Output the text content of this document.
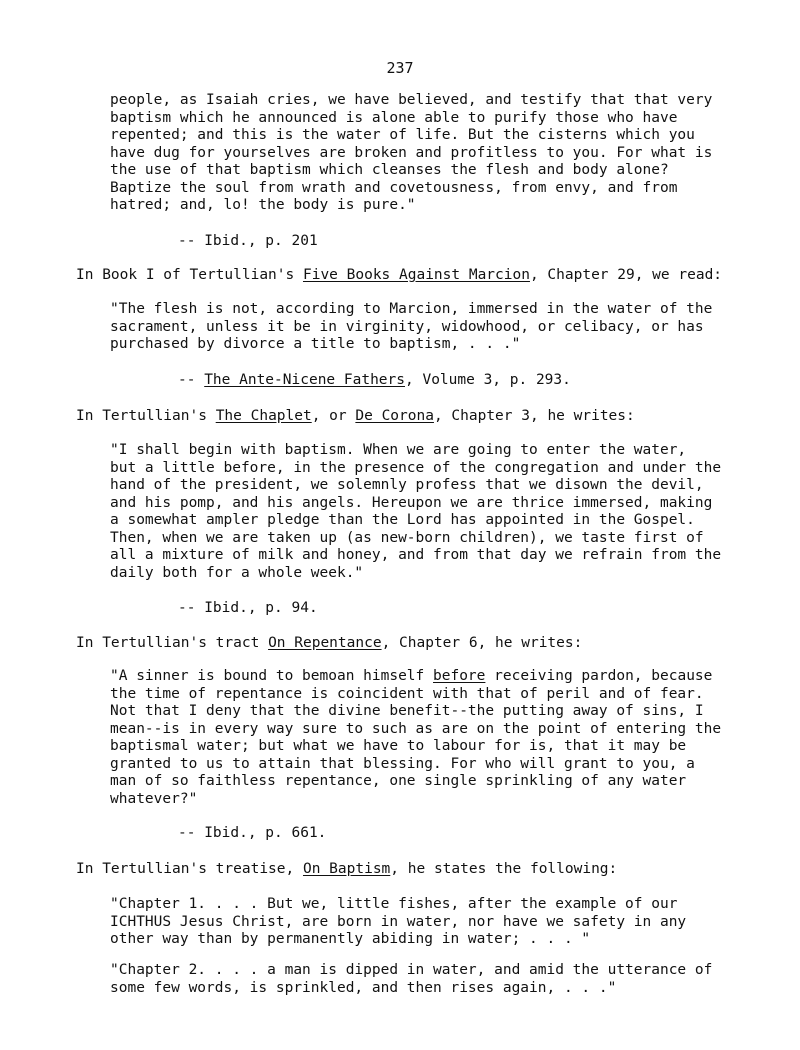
237

people, as Isaiah cries, we have believed, and testify that that very

baptism which he announced is alone able to purify those who have

repented; and this is the water of life. But the cisterns which you

have dug for yourselves are broken and profitless to you. For what is

the use of that baptism which cleanses the flesh and body alone?

Baptize the soul from wrath and covetousness, from envy, and from

hatred; and, lo! the body is pure."

-- Ibid., p. 201

In Book I of Tertullian's Five Books Against Marcion, Chapter 29, we read:

"The flesh is not, according to Marcion, immersed in the water of the

sacrament, unless it be in virginity, widowhood, or celibacy, or has

purchased by divorce a title to baptism, . . ."

-- The Ante-Nicene Fathers, Volume 3, p. 293.

In Tertullian's The Chaplet, or De Corona, Chapter 3, he writes:

"I shall begin with baptism. When we are going to enter the water,

but a little before, in the presence of the congregation and under the

hand of the president, we solemnly profess that we disown the devil,

and his pomp, and his angels. Hereupon we are thrice immersed, making

a somewhat ampler pledge than the Lord has appointed in the Gospel.

Then, when we are taken up (as new-born children), we taste first of

all a mixture of milk and honey, and from that day we refrain from the

daily both for a whole week."

-- Ibid., p. 94.

In Tertullian's tract On Repentance, Chapter 6, he writes:

"A sinner is bound to bemoan himself before receiving pardon, because

the time of repentance is coincident with that of peril and of fear.

Not that I deny that the divine benefit--the putting away of sins, I

mean--is in every way sure to such as are on the point of entering the

baptismal water; but what we have to labour for is, that it may be

granted to us to attain that blessing. For who will grant to you, a

man of so faithless repentance, one single sprinkling of any water

whatever?"

-- Ibid., p. 661.

In Tertullian's treatise, On Baptism, he states the following:

"Chapter 1. . . . But we, little fishes, after the example of our

ICHTHUS Jesus Christ, are born in water, nor have we safety in any

other way than by permanently abiding in water; . . . "

"Chapter 2. . . . a man is dipped in water, and amid the utterance of

some few words, is sprinkled, and then rises again, . . ."
